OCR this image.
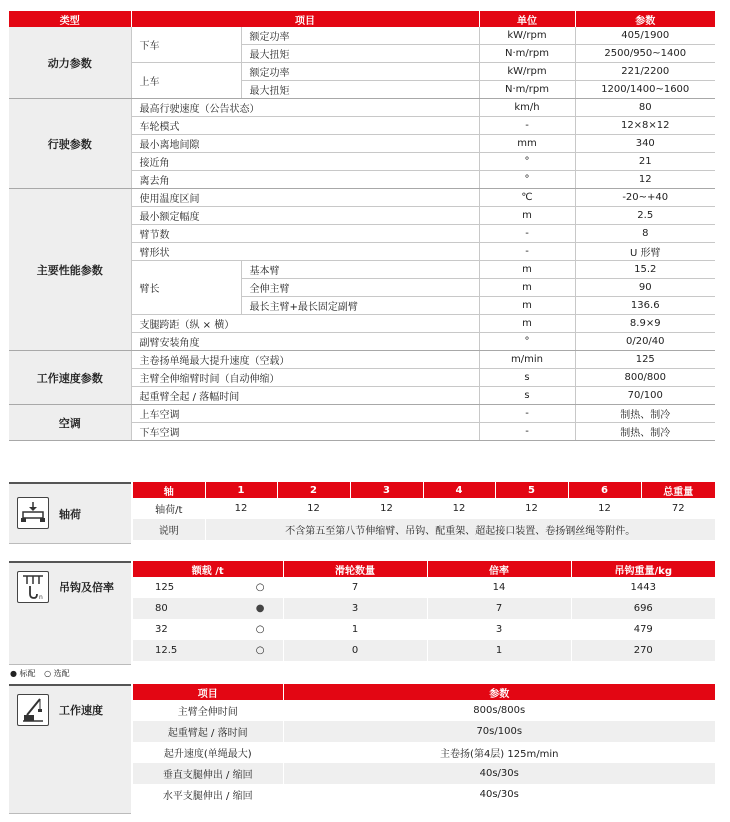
类型	项目		单位	参数
动力参数	下车	额定功率	kW/rpm	405/1900
		最大扭矩	N·m/rpm	2500/950~1400
	上车	额定功率	kW/rpm	221/2200
		最大扭矩	N·m/rpm	1200/1400~1600
行驶参数	最高行驶速度（公告状态）		km/h	80
	车轮模式		-	12×8×12
	最小离地间隙		mm	340
	接近角		°	21
	离去角		°	12
主要性能参数	使用温度区间		℃	-20~+40
	最小额定幅度		m	2.5
	臂节数		-	8
	臂形状		-	U 形臂
	臂长	基本臂	m	15.2
		全伸主臂	m	90
		最长主臂+最长固定副臂	m	136.6
	支腿跨距（纵 × 横）		m	8.9×9
	副臂安装角度		°	0/20/40
工作速度参数	主卷扬单绳最大提升速度（空载）		m/min	125
	主臂全伸缩臂时间（自动伸缩）		s	800/800
	起重臂全起 / 落幅时间		s	70/100
空调	上车空调		-	制热、制冷
	下车空调		-	制热、制冷
轴荷
轴	1	2	3	4	5	6	总重量
轴荷/t	12	12	12	12	12	12	72
说明	不含第五至第八节伸缩臂、吊钩、配重架、超起接口装置、卷扬钢丝绳等附件。						
n
吊钩及倍率
额载 /t	滑轮数量	倍率	吊钩重量/kg
125 ○	7	14	1443
80 ●	3	7	696
32 ○	1	3	479
12.5 ○	0	1	270
● 标配 ○ 选配
工作速度
项目	参数
主臂全伸时间	800s/800s
起重臂起 / 落时间	70s/100s
起升速度(单绳最大)	主卷扬(第4层) 125m/min
垂直支腿伸出 / 缩回	40s/30s
水平支腿伸出 / 缩回	40s/30s
